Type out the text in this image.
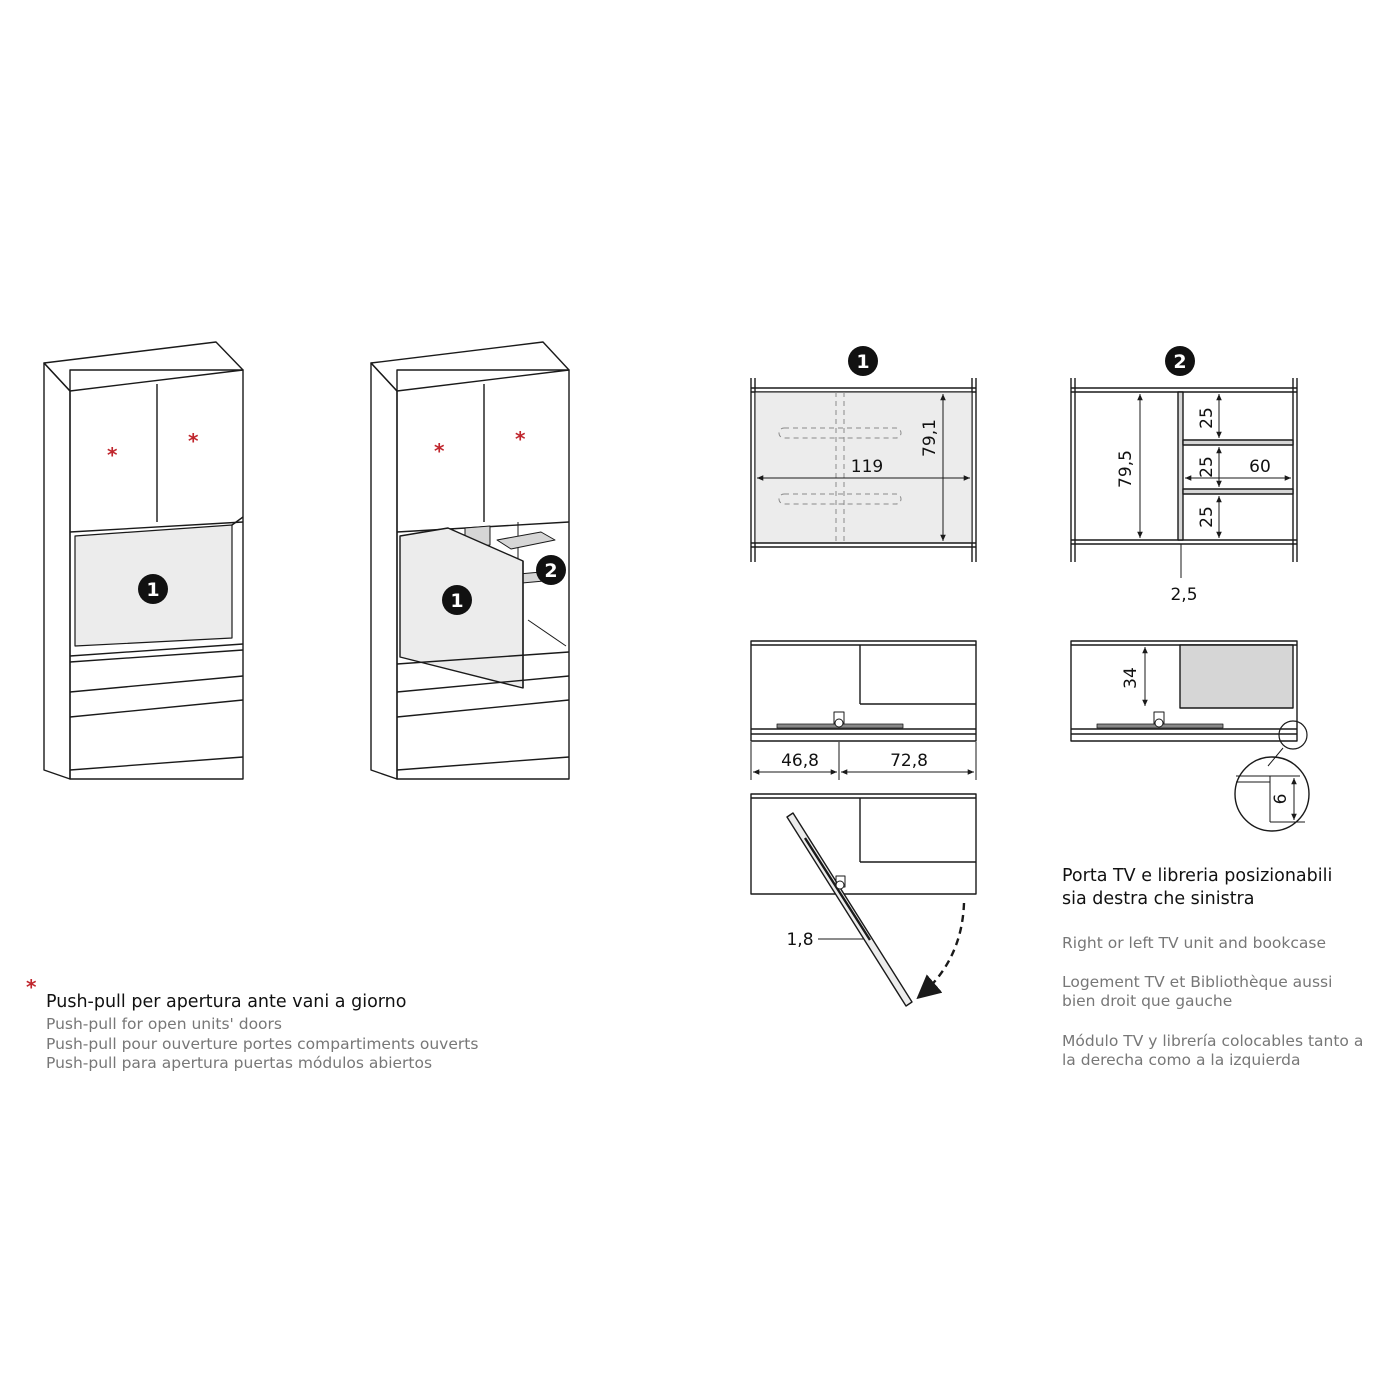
*
*	*	*
*
1	1
2
1	2
119
79,1
79,5
25
25
25
60
2,5
34
46,8	72,8
6
1,8
Push-pull per apertura ante vani a giorno
Push-pull for open units' doors
Push-pull pour ouverture portes compartiments ouverts
Push-pull para apertura puertas módulos abiertos
Porta TV e libreria posizionabili
sia destra che sinistra
Right or left TV unit and bookcase
Logement TV et Bibliothèque aussi
bien droit que gauche
Módulo TV y librería colocables tanto a
la derecha como a la izquierda
